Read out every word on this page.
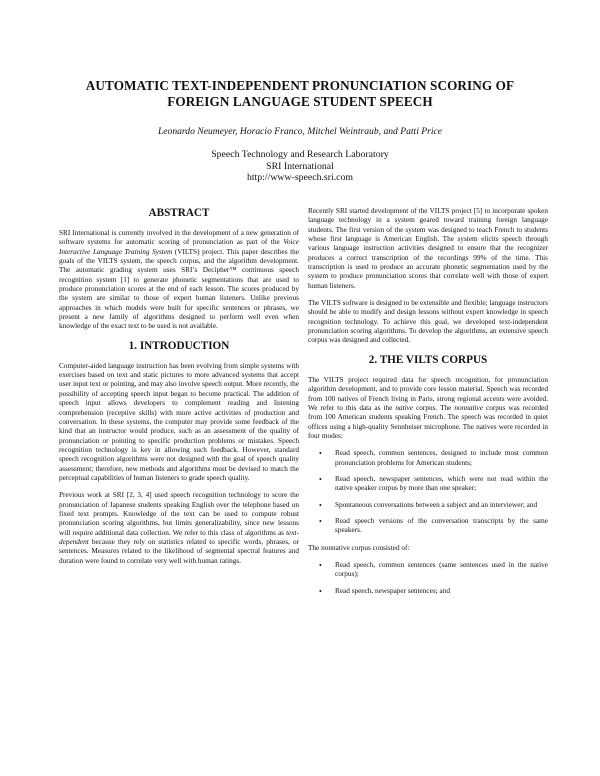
AUTOMATIC TEXT-INDEPENDENT PRONUNCIATION SCORING OF
FOREIGN LANGUAGE STUDENT SPEECH
Leonardo Neumeyer, Horacio Franco, Mitchel Weintraub, and Patti Price
Speech Technology and Research Laboratory
SRI International
http://www-speech.sri.com
ABSTRACT

SRI International is currently involved in the development of a new generation of software systems for automatic scoring of pronunciation as part of the Voice Interactive Language Training System (VILTS) project. This paper describes the goals of the VILTS system, the speech corpus, and the algorithm development. The automatic grading system uses SRI’s Decipher™ continuous speech recognition system [1] to generate phonetic segmentations that are used to produce pronunciation scores at the end of each lesson. The scores produced by the system are similar to those of expert human listeners. Unlike previous approaches in which models were built for specific sentences or phrases, we present a new family of algorithms designed to perform well even when knowledge of the exact text to be used is not available.

1. INTRODUCTION

Computer-aided language instruction has been evolving from simple systems with exercises based on text and static pictures to more advanced systems that accept user input text or pointing, and may also involve speech output. More recently, the possibility of accepting speech input began to become practical. The addition of speech input allows developers to complement reading and listening comprehension (receptive skills) with more active activities of production and conversation. In these systems, the computer may provide some feedback of the kind that an instructor would produce, such as an assessment of the quality of pronunciation or pointing to specific production problems or mistakes. Speech recognition technology is key in allowing such feedback. However, standard speech recognition algorithms were not designed with the goal of speech quality assessment; therefore, new methods and algorithms must be devised to match the perceptual capabilities of human listeners to grade speech quality.

Previous work at SRI [2, 3, 4] used speech recognition technology to score the pronunciation of Japanese students speaking English over the telephone based on fixed text prompts. Knowledge of the text can be used to compute robust pronunciation scoring algorithms, but limits generalizability, since new lessons will require additional data collection. We refer to this class of algorithms as text-dependent because they rely on statistics related to specific words, phrases, or sentences. Measures related to the likelihood of segmental spectral features and duration were found to correlate very well with human ratings.

Recently SRI started development of the VILTS project [5] to incorporate spoken language technology in a system geared toward training foreign language students. The first version of the system was designed to teach French to students whose first language is American English. The system elicits speech through various language instruction activities designed to ensure that the recognizer produces a correct transcription of the recordings 99% of the time. This transcription is used to produce an accurate phonetic segmentation used by the system to produce pronunciation scores that correlate well with those of expert human listeners.

The VILTS software is designed to be extensible and flexible; language instructors should be able to modify and design lessons without expert knowledge in speech recognition technology. To achieve this goal, we developed text-independent pronunciation scoring algorithms. To develop the algorithms, an extensive speech corpus was designed and collected.

2. THE VILTS CORPUS

The VILTS project required data for speech recognition, for pronunciation algorithm development, and to provide core lesson material. Speech was recorded from 100 natives of French living in Paris, strong regional accents were avoided. We refer to this data as the native corpus. The nonnative corpus was recorded from 100 American students speaking French. The speech was recorded in quiet offices using a high-quality Sennheiser microphone. The natives were recorded in four modes:

• Read speech, common sentences, designed to include most common pronunciation problems for American students;
• Read speech, newspaper sentences, which were not read within the native speaker corpus by more than one speaker;
• Spontaneous conversations between a subject and an interviewer; and
• Read speech versions of the conversation transcripts by the same speakers.

The nonnative corpus consisted of:

• Read speech, common sentences (same sentences used in the native corpus);
• Read speech, newspaper sentences; and
